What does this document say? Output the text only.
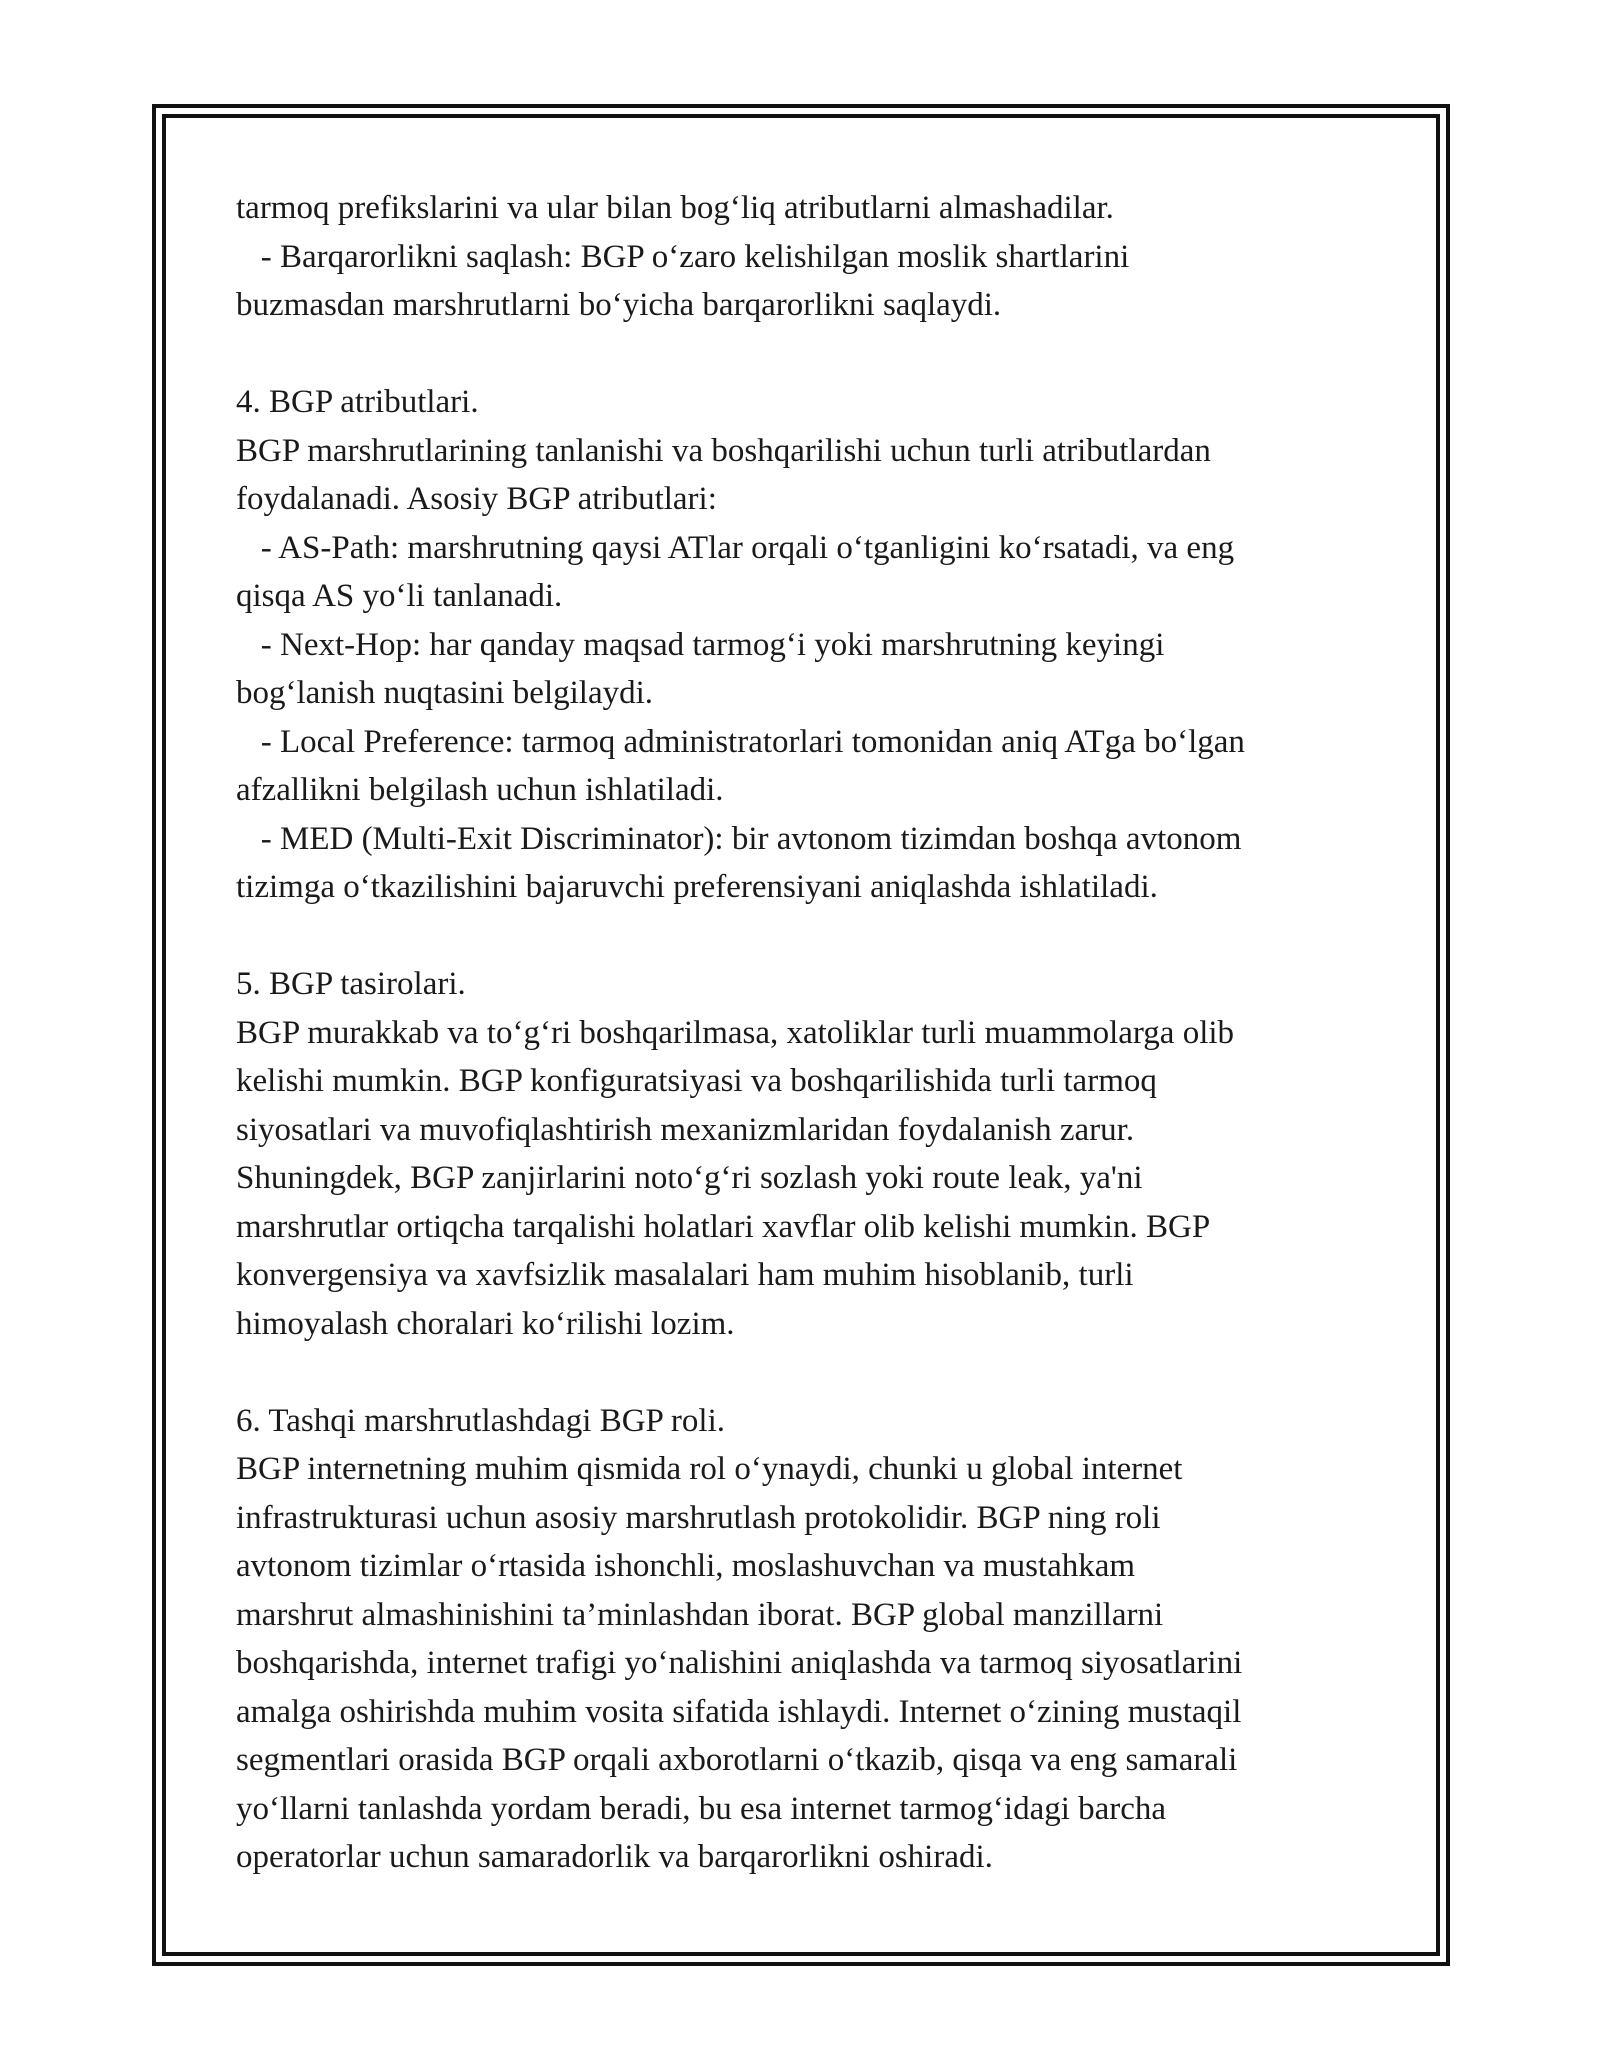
tarmoq prefikslarini va ular bilan bog‘liq atributlarni almashadilar.
- Barqarorlikni saqlash: BGP o‘zaro kelishilgan moslik shartlarini
buzmasdan marshrutlarni bo‘yicha barqarorlikni saqlaydi.
4. BGP atributlari.
BGP marshrutlarining tanlanishi va boshqarilishi uchun turli atributlardan
foydalanadi. Asosiy BGP atributlari:
- AS-Path: marshrutning qaysi ATlar orqali o‘tganligini ko‘rsatadi, va eng
qisqa AS yo‘li tanlanadi.
- Next-Hop: har qanday maqsad tarmog‘i yoki marshrutning keyingi
bog‘lanish nuqtasini belgilaydi.
- Local Preference: tarmoq administratorlari tomonidan aniq ATga bo‘lgan
afzallikni belgilash uchun ishlatiladi.
- MED (Multi-Exit Discriminator): bir avtonom tizimdan boshqa avtonom
tizimga o‘tkazilishini bajaruvchi preferensiyani aniqlashda ishlatiladi.
5. BGP tasirolari.
BGP murakkab va to‘g‘ri boshqarilmasa, xatoliklar turli muammolarga olib
kelishi mumkin. BGP konfiguratsiyasi va boshqarilishida turli tarmoq
siyosatlari va muvofiqlashtirish mexanizmlaridan foydalanish zarur.
Shuningdek, BGP zanjirlarini noto‘g‘ri sozlash yoki route leak, ya'ni
marshrutlar ortiqcha tarqalishi holatlari xavflar olib kelishi mumkin. BGP
konvergensiya va xavfsizlik masalalari ham muhim hisoblanib, turli
himoyalash choralari ko‘rilishi lozim.
6. Tashqi marshrutlashdagi BGP roli.
BGP internetning muhim qismida rol o‘ynaydi, chunki u global internet
infrastrukturasi uchun asosiy marshrutlash protokolidir. BGP ning roli
avtonom tizimlar o‘rtasida ishonchli, moslashuvchan va mustahkam
marshrut almashinishini ta’minlashdan iborat. BGP global manzillarni
boshqarishda, internet trafigi yo‘nalishini aniqlashda va tarmoq siyosatlarini
amalga oshirishda muhim vosita sifatida ishlaydi. Internet o‘zining mustaqil
segmentlari orasida BGP orqali axborotlarni o‘tkazib, qisqa va eng samarali
yo‘llarni tanlashda yordam beradi, bu esa internet tarmog‘idagi barcha
operatorlar uchun samaradorlik va barqarorlikni oshiradi.
